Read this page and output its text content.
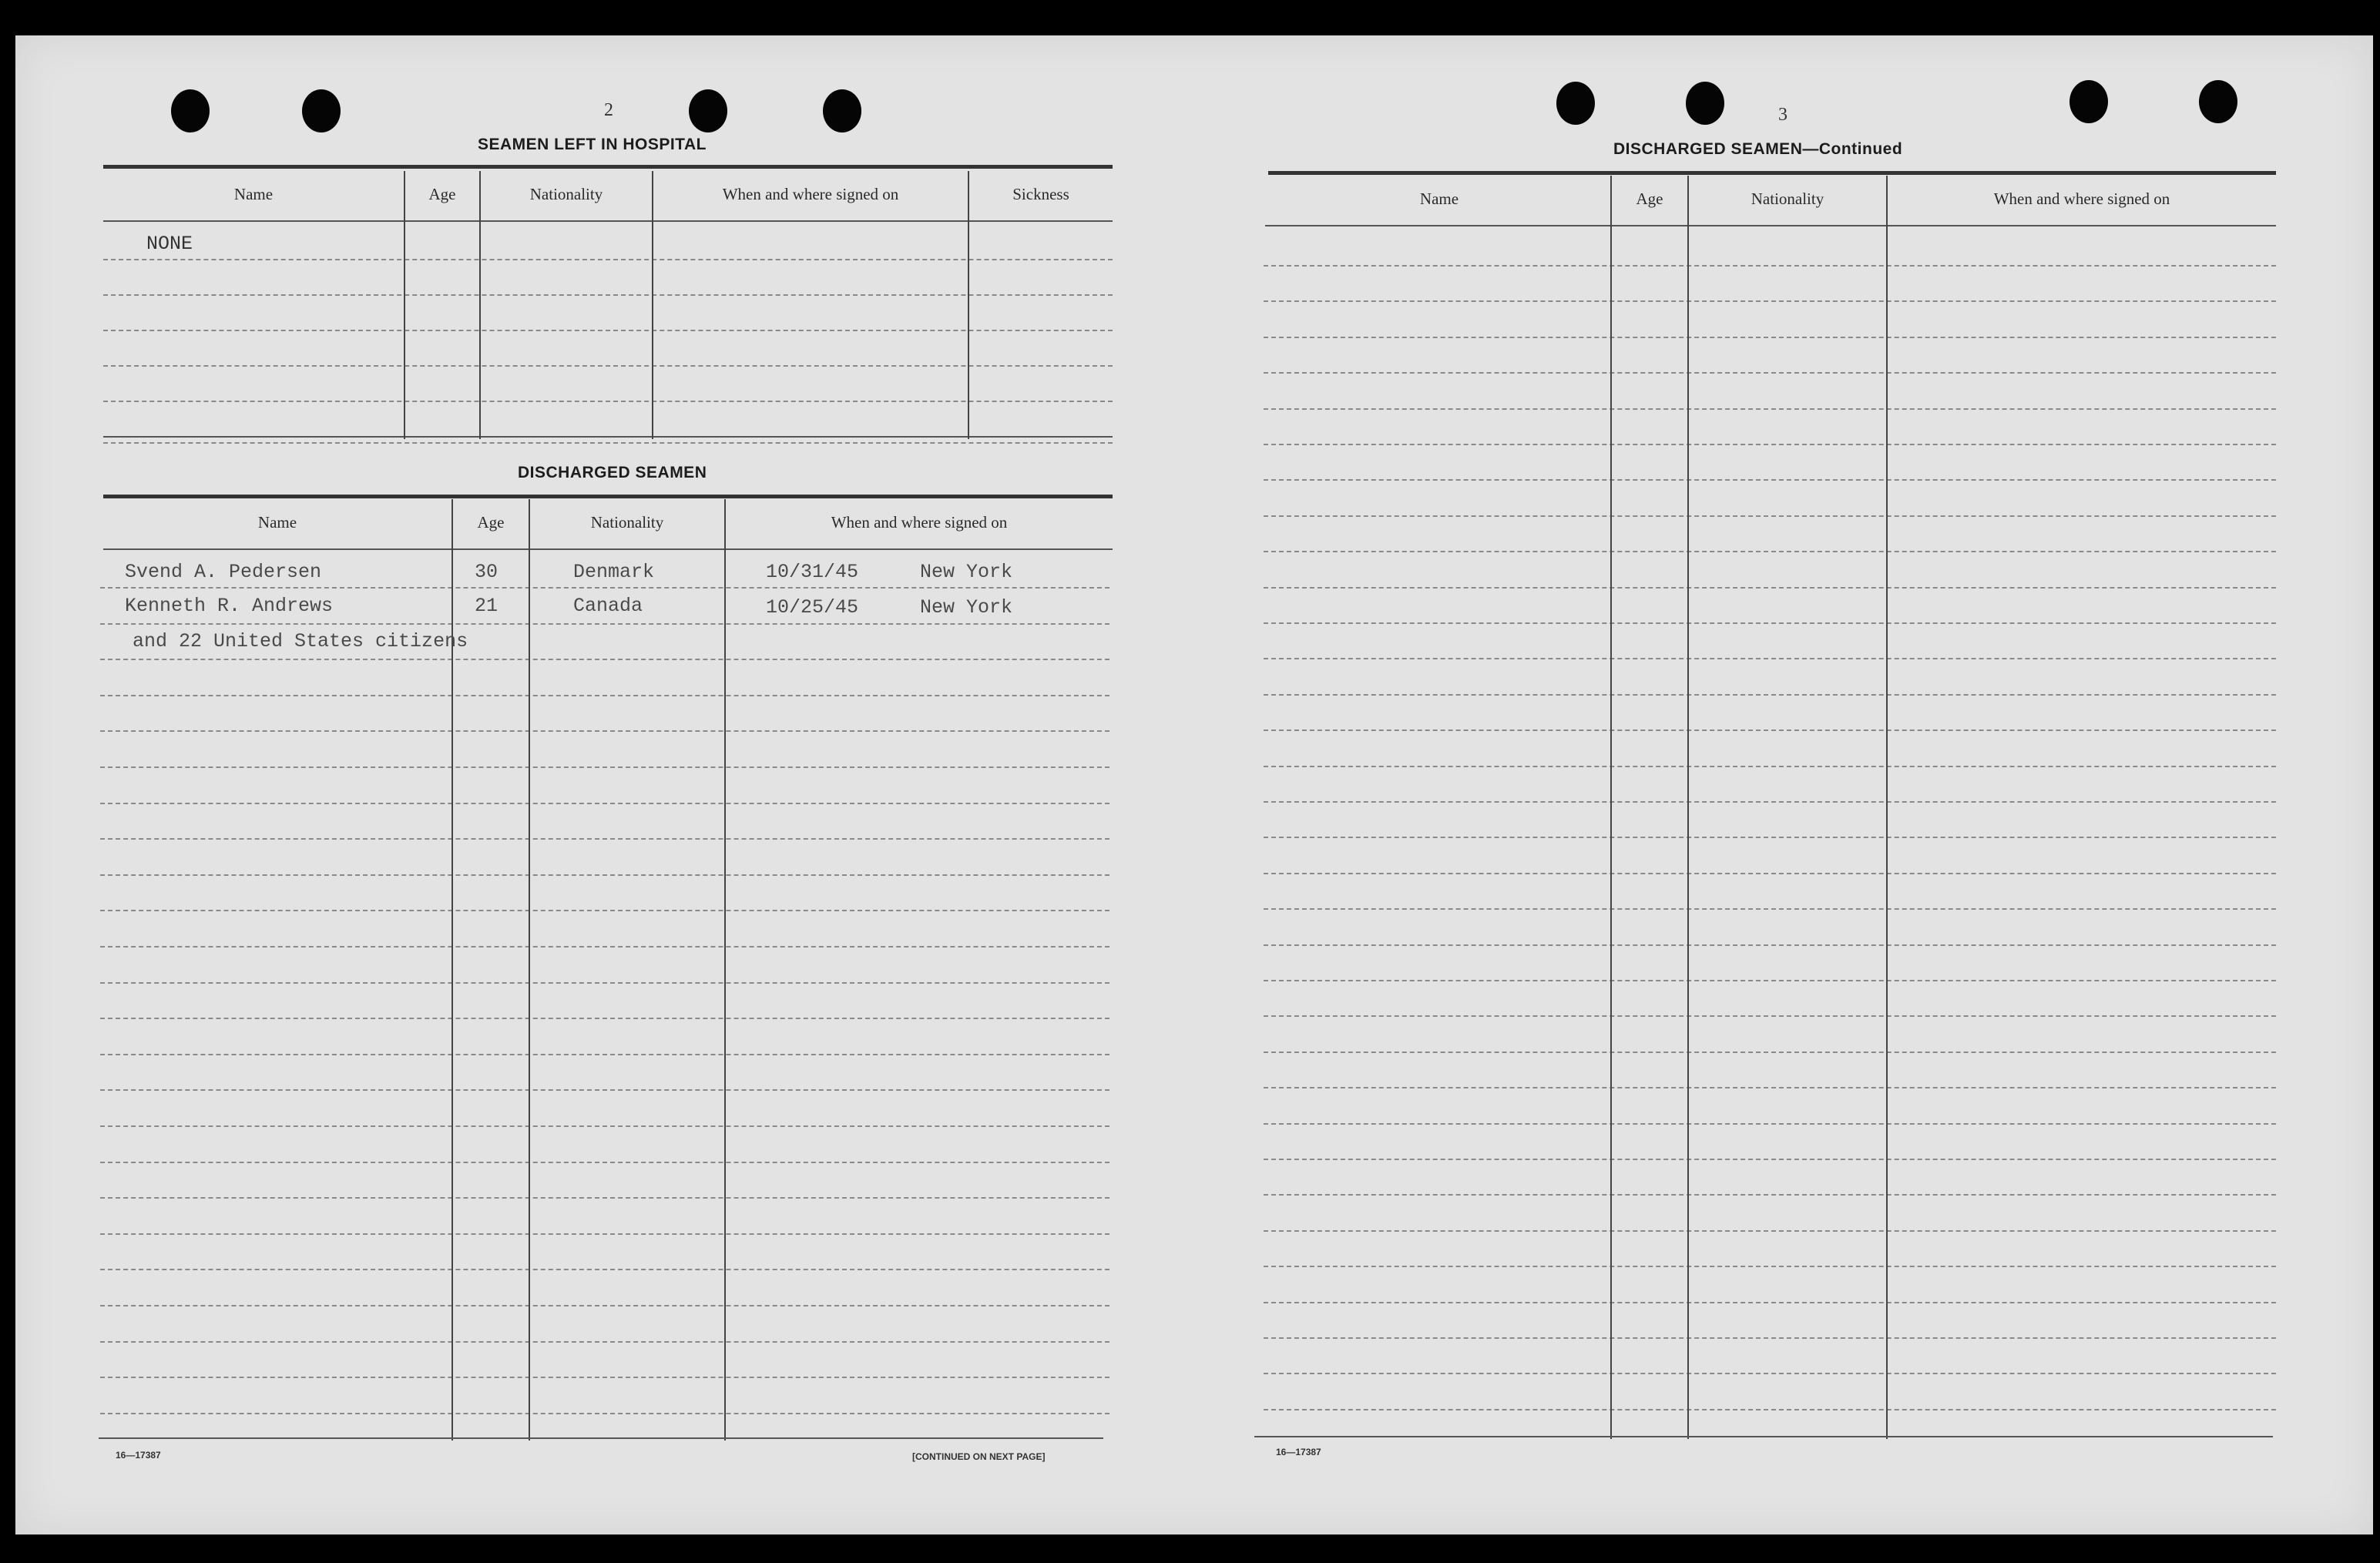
2
SEAMEN LEFT IN HOSPITAL
Name	Age	Nationality	When and where signed on	Sickness
NONE
DISCHARGED SEAMEN
Name	Age	Nationality	When and where signed on
Svend A. Pedersen	30	Denmark	10/31/45	New York
Kenneth R. Andrews	21	Canada	10/25/45	New York
and 22 United States citizens
16—17387	[CONTINUED ON NEXT PAGE]
3
DISCHARGED SEAMEN—Continued
Name	Age	Nationality	When and where signed on
16—17387
